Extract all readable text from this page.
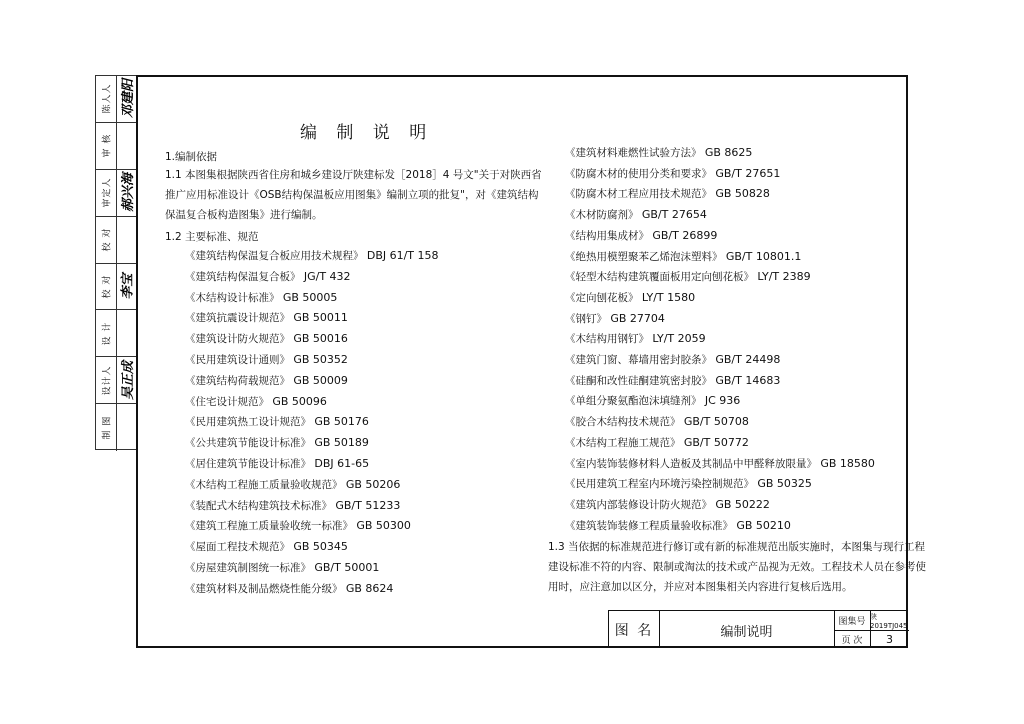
陈人人 邓建阳
审 核
审定人 郝兴海
校 对
校 对 李宝
设 计
设计人 吴正成
制 图
编 制 说 明
1.编制依据
1.1 本图集根据陕西省住房和城乡建设厅陕建标发［2018］4 号文"关于对陕西省
推广应用标准设计《OSB结构保温板应用图集》编制立项的批复"，对《建筑结构
保温复合板构造图集》进行编制。
1.2 主要标准、规范
《建筑结构保温复合板应用技术规程》 DBJ 61/T 158
《建筑结构保温复合板》 JG/T 432
《木结构设计标准》 GB 50005
《建筑抗震设计规范》 GB 50011
《建筑设计防火规范》 GB 50016
《民用建筑设计通则》 GB 50352
《建筑结构荷载规范》 GB 50009
《住宅设计规范》 GB 50096
《民用建筑热工设计规范》 GB 50176
《公共建筑节能设计标准》 GB 50189
《居住建筑节能设计标准》 DBJ 61-65
《木结构工程施工质量验收规范》 GB 50206
《装配式木结构建筑技术标准》 GB/T 51233
《建筑工程施工质量验收统一标准》 GB 50300
《屋面工程技术规范》 GB 50345
《房屋建筑制图统一标准》 GB/T 50001
《建筑材料及制品燃烧性能分级》 GB 8624
《建筑材料难燃性试验方法》 GB 8625
《防腐木材的使用分类和要求》 GB/T 27651
《防腐木材工程应用技术规范》 GB 50828
《木材防腐剂》 GB/T 27654
《结构用集成材》 GB/T 26899
《绝热用模塑聚苯乙烯泡沫塑料》 GB/T 10801.1
《轻型木结构建筑覆面板用定向刨花板》 LY/T 2389
《定向刨花板》 LY/T 1580
《钢钉》 GB 27704
《木结构用钢钉》 LY/T 2059
《建筑门窗、幕墙用密封胶条》 GB/T 24498
《硅酮和改性硅酮建筑密封胶》 GB/T 14683
《单组分聚氨酯泡沫填缝剂》 JC 936
《胶合木结构技术规范》 GB/T 50708
《木结构工程施工规范》 GB/T 50772
《室内装饰装修材料人造板及其制品中甲醛释放限量》 GB 18580
《民用建筑工程室内环境污染控制规范》 GB 50325
《建筑内部装修设计防火规范》 GB 50222
《建筑装饰装修工程质量验收标准》 GB 50210
1.3 当依据的标准规范进行修订或有新的标准规范出版实施时，本图集与现行工程
建设标准不符的内容、限制或淘汰的技术或产品视为无效。工程技术人员在参考使
用时，应注意加以区分，并应对本图集相关内容进行复核后选用。
图 名	编制说明
图集号
陕2019TJ045
页 次	3
